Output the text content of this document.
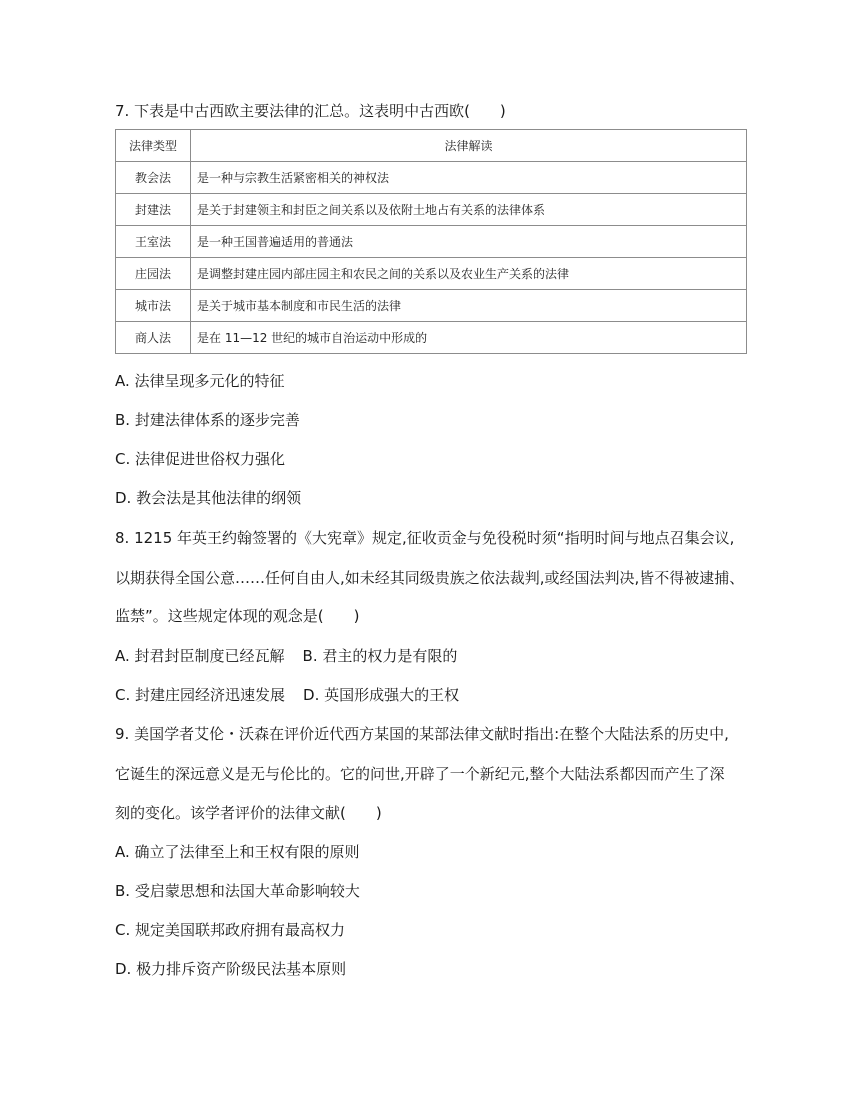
7. 下表是中古西欧主要法律的汇总。这表明中古西欧(　　)
法律类型	法律解读
教会法	是一种与宗教生活紧密相关的神权法
封建法	是关于封建领主和封臣之间关系以及依附土地占有关系的法律体系
王室法	是一种王国普遍适用的普通法
庄园法	是调整封建庄园内部庄园主和农民之间的关系以及农业生产关系的法律
城市法	是关于城市基本制度和市民生活的法律
商人法	是在 11—12 世纪的城市自治运动中形成的
A. 法律呈现多元化的特征
B. 封建法律体系的逐步完善
C. 法律促进世俗权力强化
D. 教会法是其他法律的纲领
8. 1215 年英王约翰签署的《大宪章》规定,征收贡金与免役税时须“指明时间与地点召集会议,
以期获得全国公意……任何自由人,如未经其同级贵族之依法裁判,或经国法判决,皆不得被逮捕、
监禁”。这些规定体现的观念是(　　)
A. 封君封臣制度已经瓦解 B. 君主的权力是有限的
C. 封建庄园经济迅速发展 D. 英国形成强大的王权
9. 美国学者艾伦・沃森在评价近代西方某国的某部法律文献时指出:在整个大陆法系的历史中,
它诞生的深远意义是无与伦比的。它的问世,开辟了一个新纪元,整个大陆法系都因而产生了深
刻的变化。该学者评价的法律文献(　　)
A. 确立了法律至上和王权有限的原则
B. 受启蒙思想和法国大革命影响较大
C. 规定美国联邦政府拥有最高权力
D. 极力排斥资产阶级民法基本原则
